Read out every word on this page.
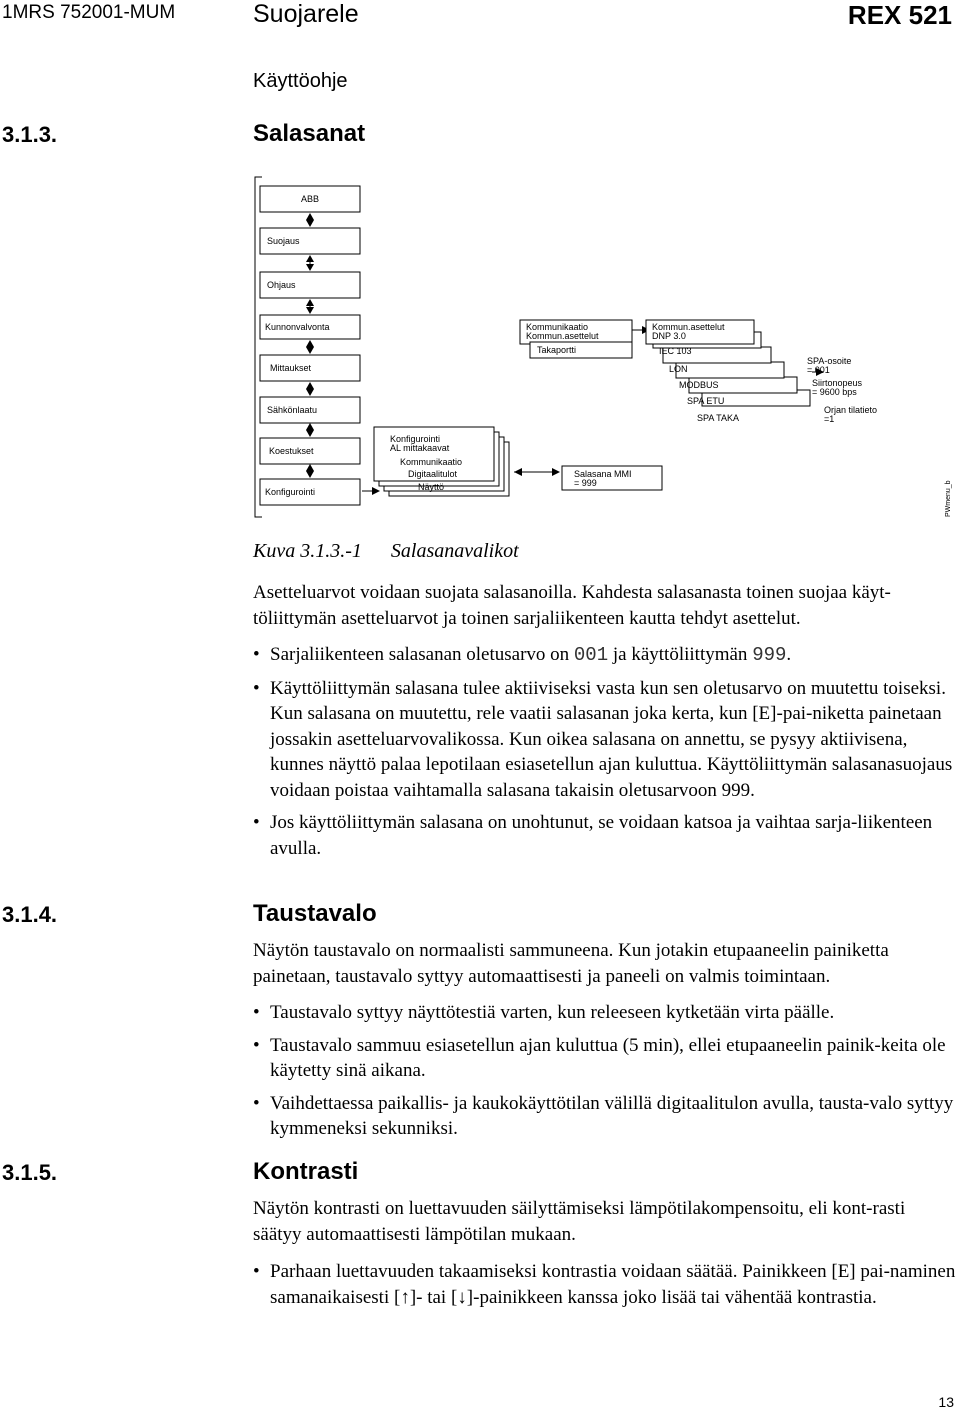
1MRS 752001-MUM	Suojarele	REX 521
Käyttöohje
3.1.3.	Salasanat
ABB
Suojaus
Ohjaus
Kunnonvalvonta
Mittaukset
Sähkönlaatu
Koestukset
Konfigurointi
Konfigurointi
AL mittakaavat
Kommunikaatio
Digitaalitulot
Näyttö
Salasana MMI
= 999
Kommunikaatio
Kommun.asettelut
Takaportti
Kommun.asettelut
DNP 3.0
IEC 103
LON
MODBUS
SPA ETU
SPA TAKA
SPA-osoite
= 001
Siirtonopeus
= 9600 bps
Orjan tilatieto
=1
PWmenu_b
Kuva 3.1.3.-1 Salasanavalikot
Asetteluarvot voidaan suojata salasanoilla. Kahdesta salasanasta toinen suojaa käyt-töliittymän asetteluarvot ja toinen sarjaliikenteen kautta tehdyt asettelut.
• Sarjaliikenteen salasanan oletusarvo on 001 ja käyttöliittymän 999.
• Käyttöliittymän salasana tulee aktiiviseksi vasta kun sen oletusarvo on muutettu toiseksi. Kun salasana on muutettu, rele vaatii salasanan joka kerta, kun [E]-pai-niketta painetaan jossakin asetteluarvovalikossa. Kun oikea salasana on annettu, se pysyy aktiivisena, kunnes näyttö palaa lepotilaan esiasetellun ajan kuluttua. Käyttöliittymän salasanasuojaus voidaan poistaa vaihtamalla salasana takaisin oletusarvoon 999.
• Jos käyttöliittymän salasana on unohtunut, se voidaan katsoa ja vaihtaa sarja-liikenteen avulla.
3.1.4.	Taustavalo
Näytön taustavalo on normaalisti sammuneena. Kun jotakin etupaaneelin painiketta painetaan, taustavalo syttyy automaattisesti ja paneeli on valmis toimintaan.
• Taustavalo syttyy näyttötestiä varten, kun releeseen kytketään virta päälle.
• Taustavalo sammuu esiasetellun ajan kuluttua (5 min), ellei etupaaneelin painik-keita ole käytetty sinä aikana.
• Vaihdettaessa paikallis- ja kaukokäyttötilan välillä digitaalitulon avulla, tausta-valo syttyy kymmeneksi sekunniksi.
3.1.5.	Kontrasti
Näytön kontrasti on luettavuuden säilyttämiseksi lämpötilakompensoitu, eli kont-rasti säätyy automaattisesti lämpötilan mukaan.
• Parhaan luettavuuden takaamiseksi kontrastia voidaan säätää. Painikkeen [E] pai-naminen samanaikaisesti [↑]- tai [↓]-painikkeen kanssa joko lisää tai vähentää kontrastia.
13
